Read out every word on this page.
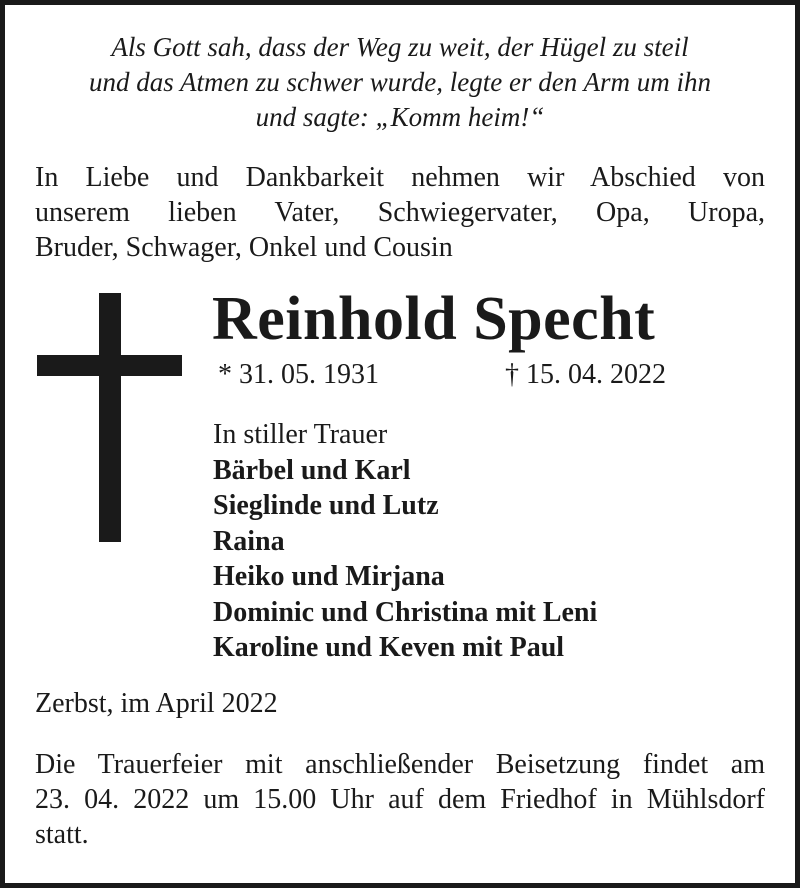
Als Gott sah, dass der Weg zu weit, der Hügel zu steil
und das Atmen zu schwer wurde, legte er den Arm um ihn
und sagte: „Komm heim!“
In Liebe und Dankbarkeit nehmen wir Abschied von
unserem lieben Vater, Schwiegervater, Opa, Uropa,
Bruder, Schwager, Onkel und Cousin
Reinhold Specht
* 31. 05. 1931	† 15. 04. 2022
In stiller Trauer
Bärbel und Karl
Sieglinde und Lutz
Raina
Heiko und Mirjana
Dominic und Christina mit Leni
Karoline und Keven mit Paul
Zerbst, im April 2022
Die Trauerfeier mit anschließender Beisetzung findet am
23. 04. 2022 um 15.00 Uhr auf dem Friedhof in Mühlsdorf
statt.
